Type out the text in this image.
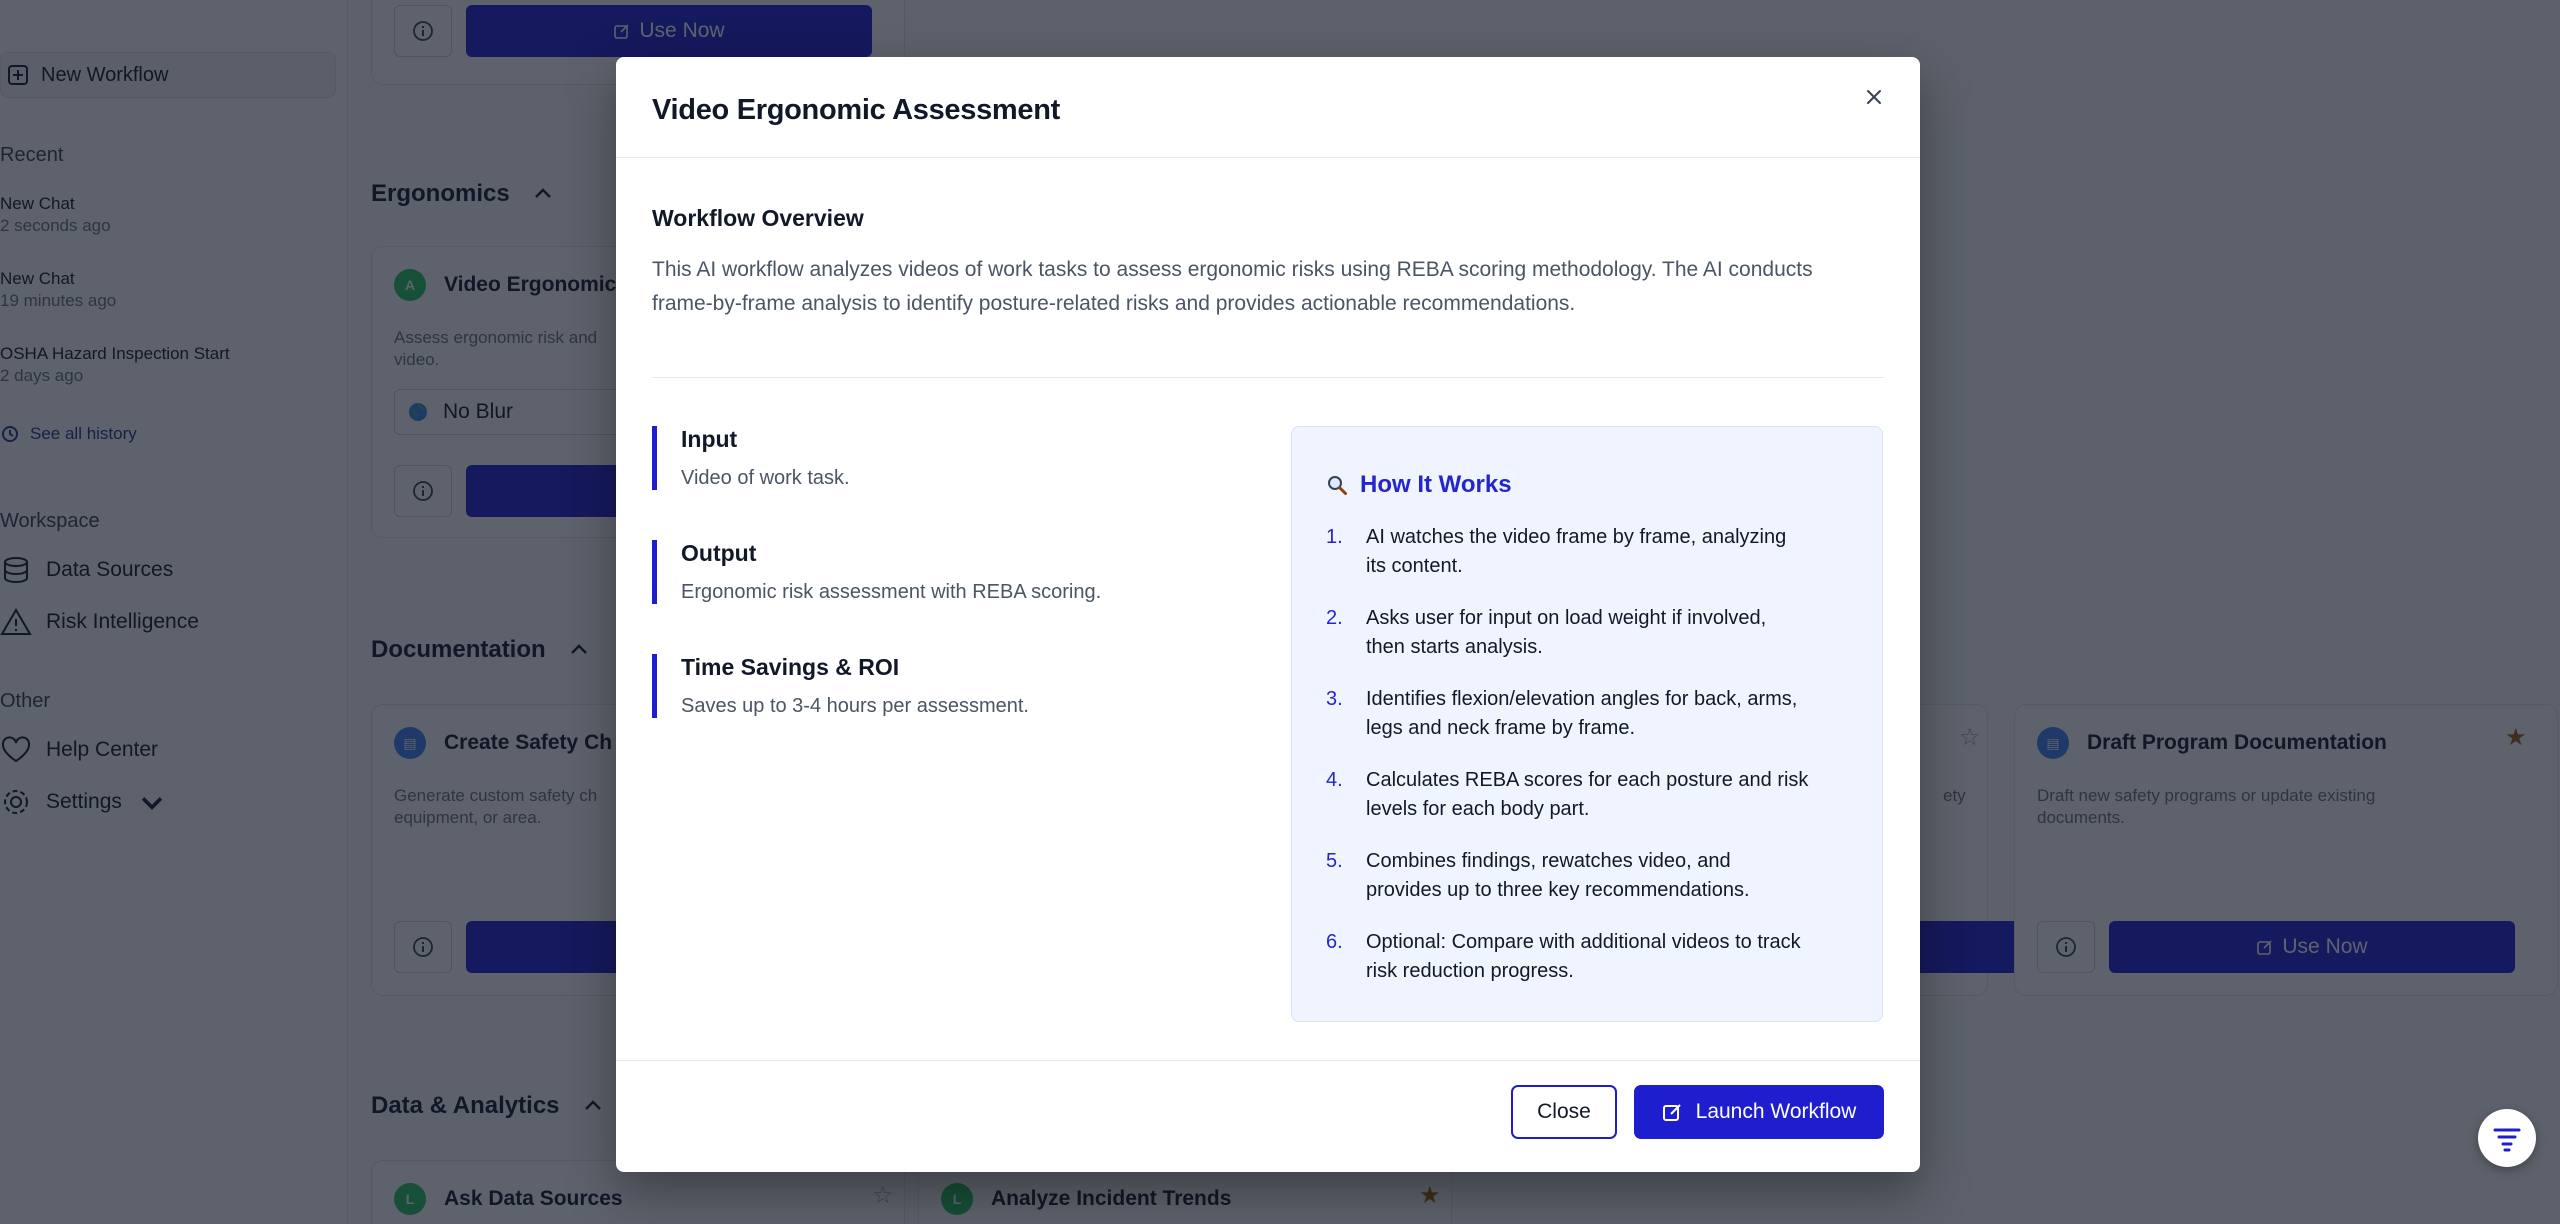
Video Ergonomic Assessment
Workflow Overview
This AI workflow analyzes videos of work tasks to assess ergonomic risks using REBA scoring methodology. The AI conducts
frame-by-frame analysis to identify posture-related risks and provides actionable recommendations.
Input
Video of work task.
Output
Ergonomic risk assessment with REBA scoring.
Time Savings & ROI
Saves up to 3-4 hours per assessment.
How It Works
1. AI watches the video frame by frame, analyzing
its content.
2. Asks user for input on load weight if involved,
then starts analysis.
3. Identifies flexion/elevation angles for back, arms,
legs and neck frame by frame.
4. Calculates REBA scores for each posture and risk
levels for each body part.
5. Combines findings, rewatches video, and
provides up to three key recommendations.
6. Optional: Compare with additional videos to track
risk reduction progress.
Close	Launch Workflow
